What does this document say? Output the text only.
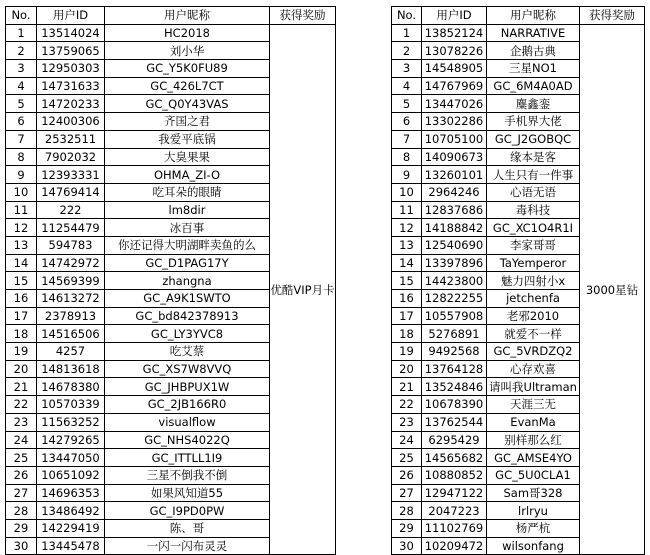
No.	用户ID	用户昵称	获得奖励
1	13514024	HC2018	优酷VIP月卡
2	13759065	刘小华	
3	12950303	GC_Y5K0FU89	
4	14731633	GC_426L7CT	
5	14720233	GC_Q0Y43VAS	
6	12400306	齐国之君	
7	2532511	我爱平底锅	
8	7902032	大臭果果	
9	12393331	OHMA_ZI-O	
10	14769414	吃耳朵的眼睛	
11	222	lm8dir	
12	11254479	冰百事	
13	594783	你还记得大明湖畔卖鱼的么	
14	14742972	GC_D1PAG17Y	
15	14569399	zhangna	
16	14613272	GC_A9K1SWTO	
17	2378913	GC_bd842378913	
18	14516506	GC_LY3YVC8	
19	4257	吃艾蔡	
20	14813618	GC_XS7W8VVQ	
21	14678380	GC_JHBPUX1W	
22	10570339	GC_2JB166R0	
23	11563252	visualflow	
24	14279265	GC_NHS4022Q	
25	13447050	GC_ITTLL1I9	
26	10651092	三星不倒我不倒	
27	14696353	如果风知道55	
28	13486492	GC_I9PD0PW	
29	14229419	陈、哥	
30	13445478	一闪一闪布灵灵	
No.	用户ID	用户昵称	获得奖励
1	13852124	NARRATIVE	3000星钻
2	13078226	企鹅古典	
3	14548905	三星NO1	
4	14767969	GC_6M4A0AD	
5	13447026	麋鑫銮	
6	13302286	手机界大佬	
7	10705100	GC_J2GOBQC	
8	14090673	缘本是客	
9	13260101	人生只有一件事	
10	2964246	心语无语	
11	12837686	毒科技	
12	14188842	GC_XC1O4R1I	
13	12540690	李家哥哥	
14	13397896	TaYemperor	
15	14423800	魅力四射小x	
16	12822255	jetchenfa	
17	10557908	老邪2010	
18	5276891	就爱不一样	
19	9492568	GC_5VRDZQ2	
20	13764128	心存欢喜	
21	13524846	请叫我Ultraman	
22	10678390	天涯三无	
23	13762544	EvanMa	
24	6295429	别样那么红	
25	14565682	GC_AMSE4YO	
26	10880852	GC_5U0CLA1	
27	12947122	Sam哥328	
28	2047223	lrlryu	
29	11102769	杨严杭	
30	10209472	wilsonfang	
